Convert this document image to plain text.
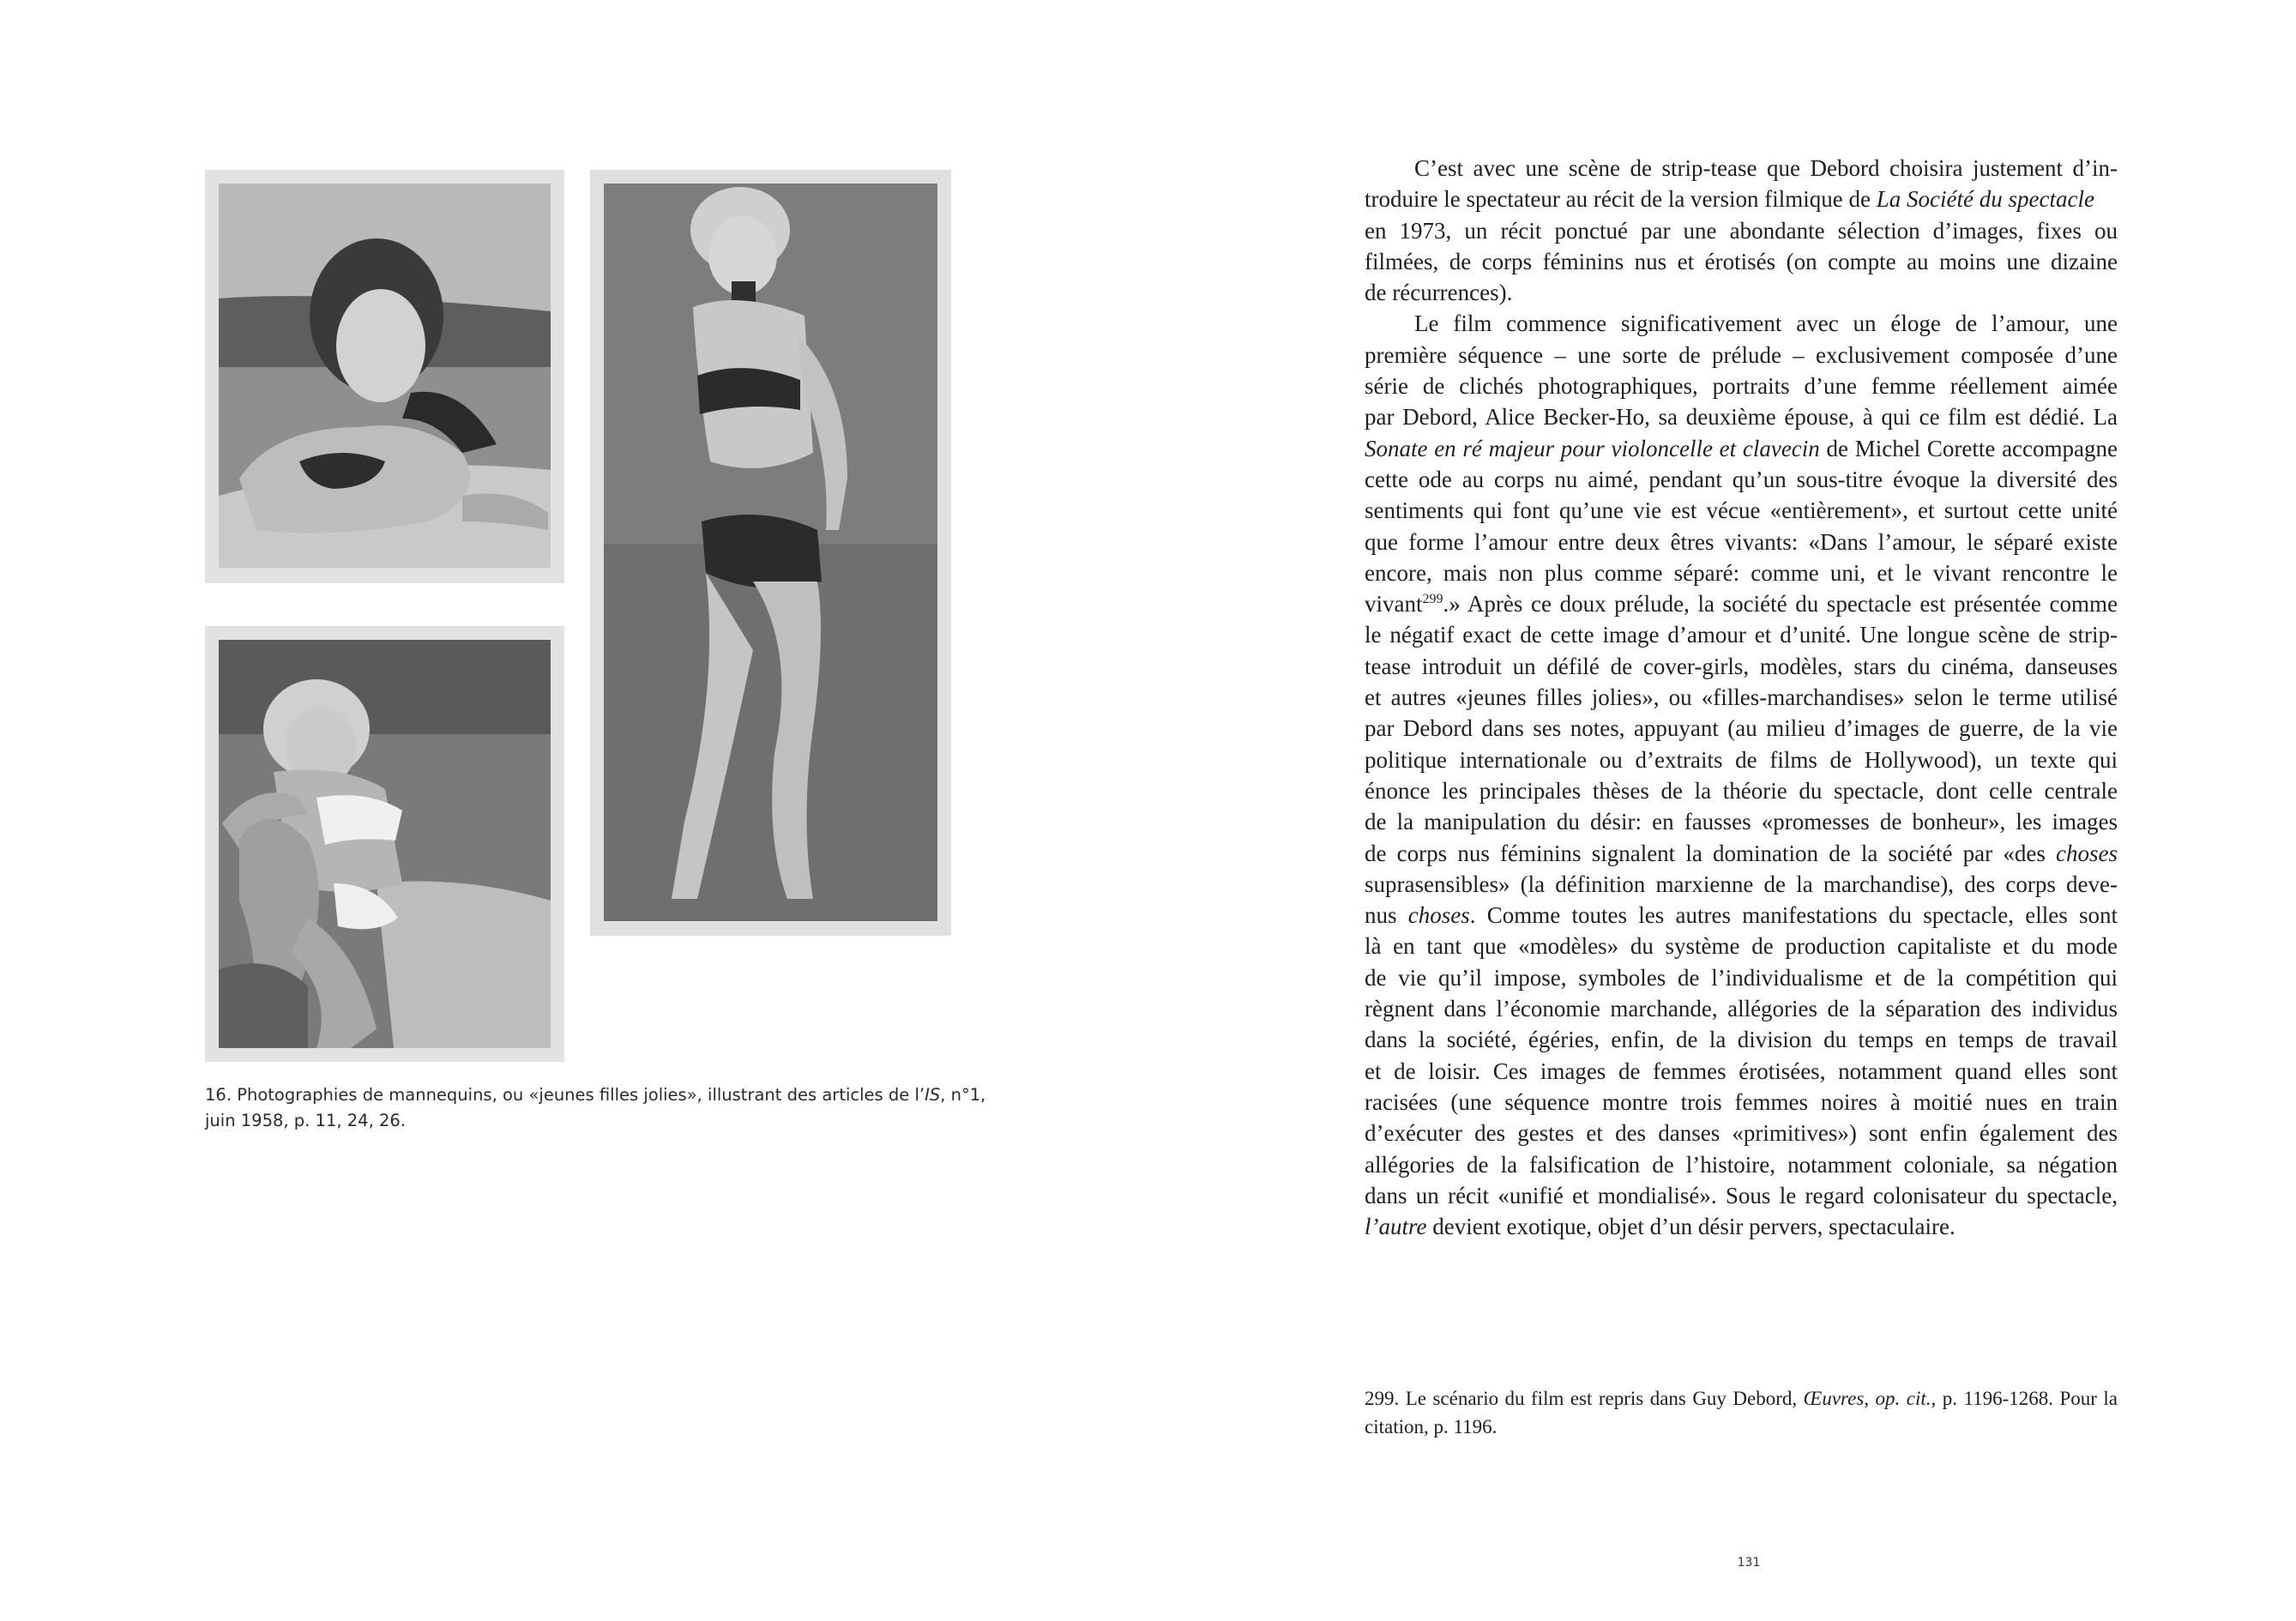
16. Photographies de mannequins, ou «jeunes filles jolies», illustrant des articles de l’IS, n°1,
juin 1958, p. 11, 24, 26.
C’est avec une scène de strip-tease que Debord choisira justement d’in-
troduire le spectateur au récit de la version filmique de La Société du spectacle
en 1973, un récit ponctué par une abondante sélection d’images, fixes ou
filmées, de corps féminins nus et érotisés (on compte au moins une dizaine
de récurrences).
Le film commence significativement avec un éloge de l’amour, une
première séquence – une sorte de prélude – exclusivement composée d’une
série de clichés photographiques, portraits d’une femme réellement aimée
par Debord, Alice Becker-Ho, sa deuxième épouse, à qui ce film est dédié. La
Sonate en ré majeur pour violoncelle et clavecin de Michel Corette accompagne
cette ode au corps nu aimé, pendant qu’un sous-titre évoque la diversité des
sentiments qui font qu’une vie est vécue «entièrement», et surtout cette unité
que forme l’amour entre deux êtres vivants: «Dans l’amour, le séparé existe
encore, mais non plus comme séparé: comme uni, et le vivant rencontre le
vivant$^{299}$.» Après ce doux prélude, la société du spectacle est présentée comme
le négatif exact de cette image d’amour et d’unité. Une longue scène de strip-
tease introduit un défilé de cover-girls, modèles, stars du cinéma, danseuses
et autres «jeunes filles jolies», ou «filles-marchandises» selon le terme utilisé
par Debord dans ses notes, appuyant (au milieu d’images de guerre, de la vie
politique internationale ou d’extraits de films de Hollywood), un texte qui
énonce les principales thèses de la théorie du spectacle, dont celle centrale
de la manipulation du désir: en fausses «promesses de bonheur», les images
de corps nus féminins signalent la domination de la société par «des choses
suprasensibles» (la définition marxienne de la marchandise), des corps deve-
nus choses. Comme toutes les autres manifestations du spectacle, elles sont
là en tant que «modèles» du système de production capitaliste et du mode
de vie qu’il impose, symboles de l’individualisme et de la compétition qui
règnent dans l’économie marchande, allégories de la séparation des individus
dans la société, égéries, enfin, de la division du temps en temps de travail
et de loisir. Ces images de femmes érotisées, notamment quand elles sont
racisées (une séquence montre trois femmes noires à moitié nues en train
d’exécuter des gestes et des danses «primitives») sont enfin également des
allégories de la falsification de l’histoire, notamment coloniale, sa négation
dans un récit «unifié et mondialisé». Sous le regard colonisateur du spectacle,
l’autre devient exotique, objet d’un désir pervers, spectaculaire.
299. Le scénario du film est repris dans Guy Debord, Œuvres, op. cit., p. 1196-1268. Pour la
citation, p. 1196.
131
